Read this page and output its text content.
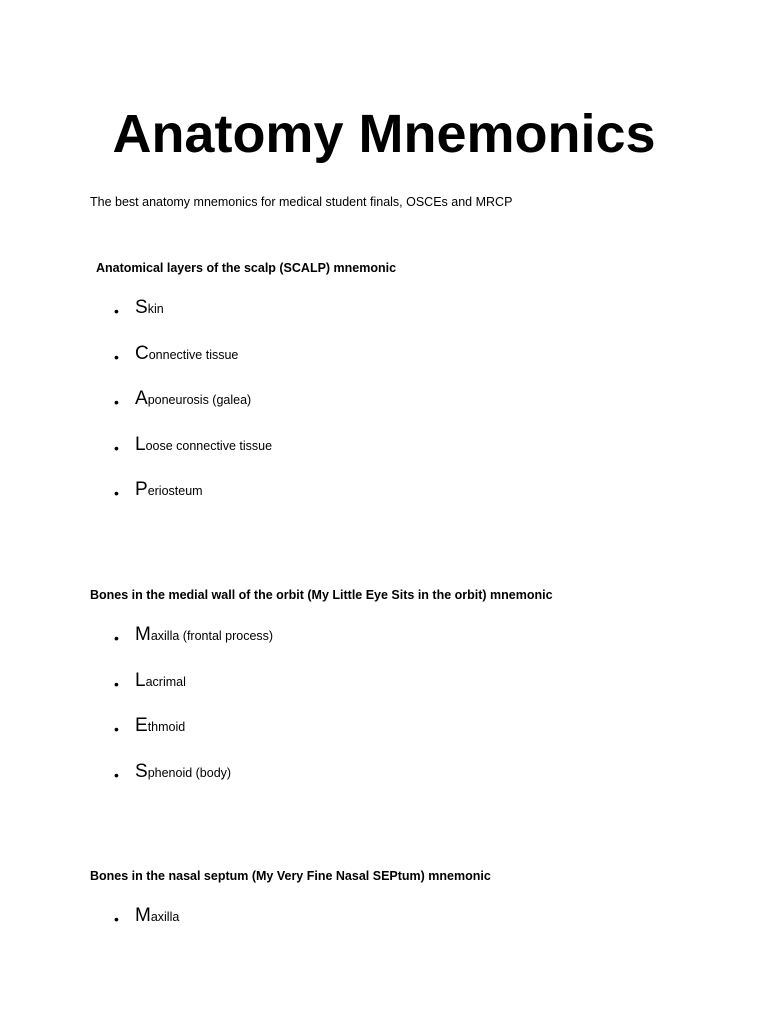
Anatomy Mnemonics
The best anatomy mnemonics for medical student finals, OSCEs and MRCP
Anatomical layers of the scalp (SCALP) mnemonic
• Skin
• Connective tissue
• Aponeurosis (galea)
• Loose connective tissue
• Periosteum
Bones in the medial wall of the orbit (My Little Eye Sits in the orbit) mnemonic
• Maxilla (frontal process)
• Lacrimal
• Ethmoid
• Sphenoid (body)
Bones in the nasal septum (My Very Fine Nasal SEPtum) mnemonic
• Maxilla
